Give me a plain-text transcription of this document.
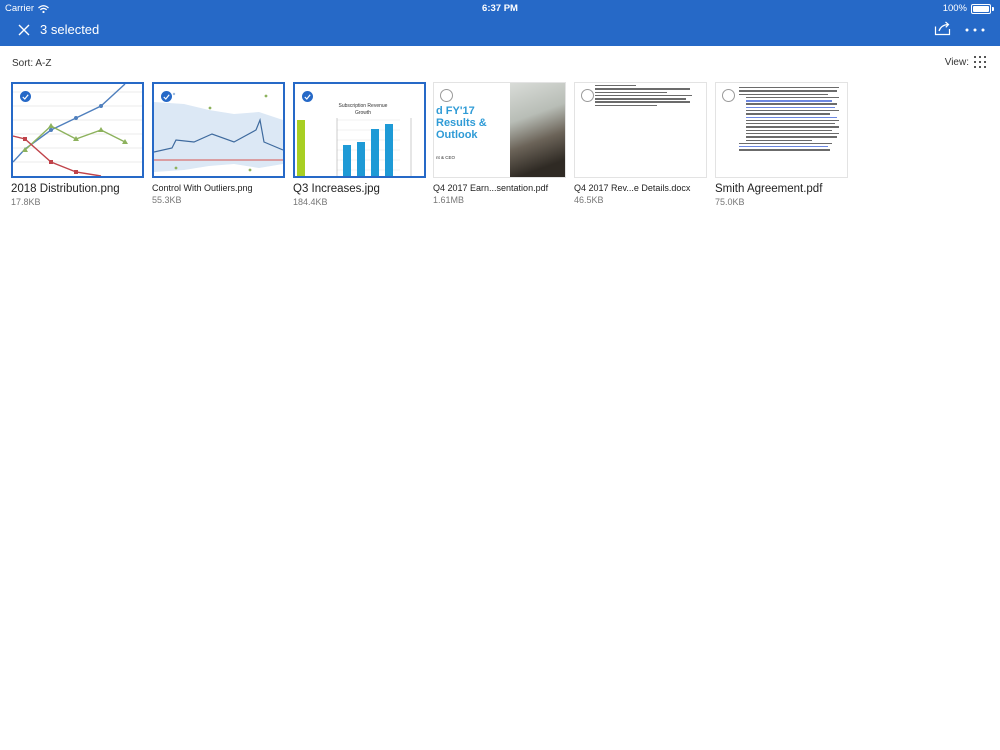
Carrier	6:37 PM	100%
3 selected
Sort: A-Z	View:
2018 Distribution.png
17.8KB
Control With Outliers.png
55.3KB
Subscription Revenue
Growth
Q3 Increases.jpg
184.4KB
d FY'17
Results &
Outlook
nt & CEO
Q4 2017 Earn...sentation.pdf
1.61MB
Q4 2017 Rev...e Details.docx
46.5KB
Smith Agreement.pdf
75.0KB
